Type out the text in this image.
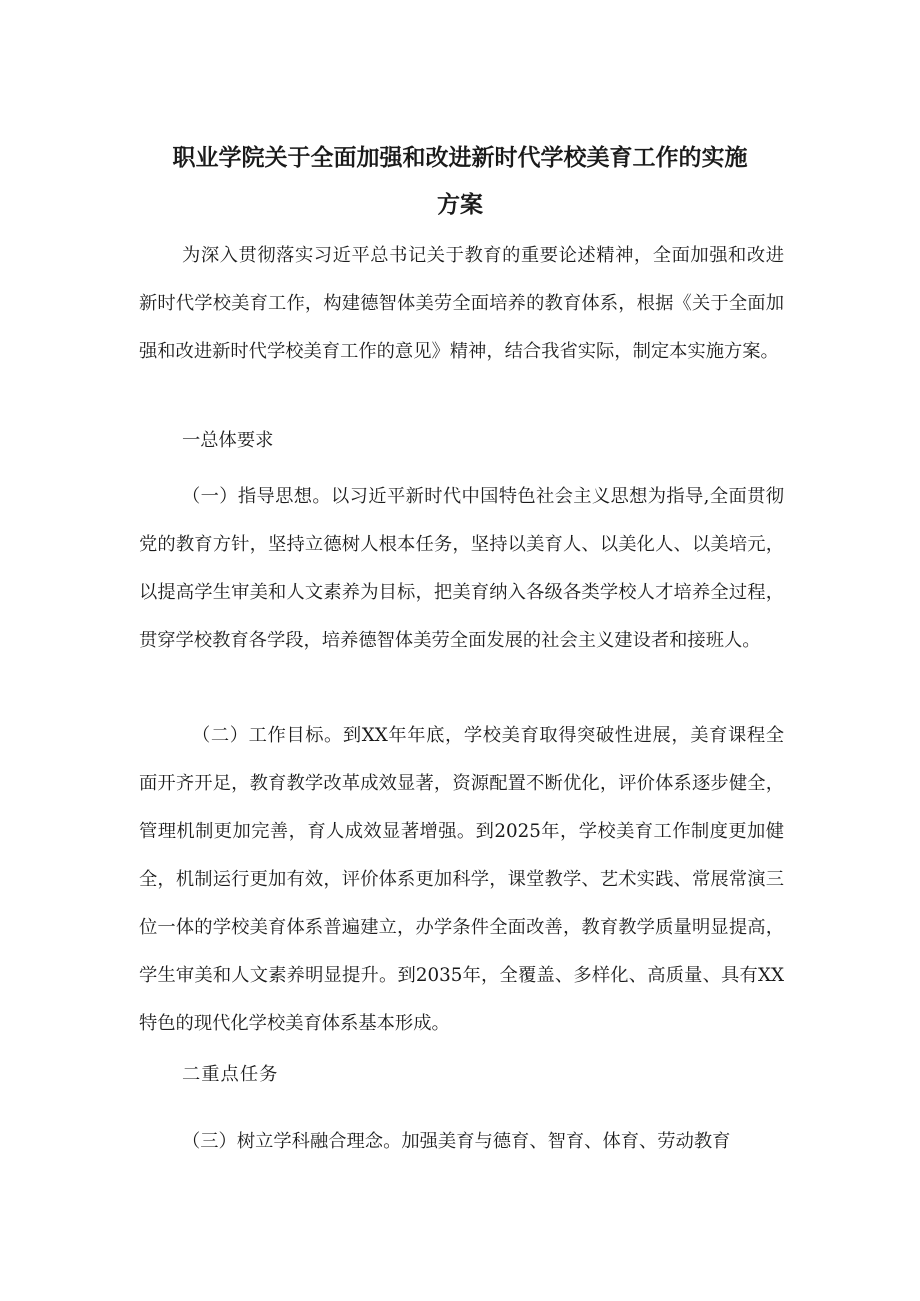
职业学院关于全面加强和改进新时代学校美育工作的实施
方案
为深入贯彻落实习近平总书记关于教育的重要论述精神，全面加强和改进新时代学校美育工作，构建德智体美劳全面培养的教育体系，根据《关于全面加强和改进新时代学校美育工作的意见》精神，结合我省实际，制定本实施方案。
一总体要求
（一）指导思想。以习近平新时代中国特色社会主义思想为指导,全面贯彻党的教育方针，坚持立德树人根本任务，坚持以美育人、以美化人、以美培元，以提高学生审美和人文素养为目标，把美育纳入各级各类学校人才培养全过程，贯穿学校教育各学段，培养德智体美劳全面发展的社会主义建设者和接班人。
（二）工作目标。到XX年年底，学校美育取得突破性进展，美育课程全面开齐开足，教育教学改革成效显著，资源配置不断优化，评价体系逐步健全，管理机制更加完善，育人成效显著增强。到2025年，学校美育工作制度更加健全，机制运行更加有效，评价体系更加科学，课堂教学、艺术实践、常展常演三位一体的学校美育体系普遍建立，办学条件全面改善，教育教学质量明显提高，学生审美和人文素养明显提升。到2035年，全覆盖、多样化、高质量、具有XX特色的现代化学校美育体系基本形成。
二重点任务
（三）树立学科融合理念。加强美育与德育、智育、体育、劳动教育
